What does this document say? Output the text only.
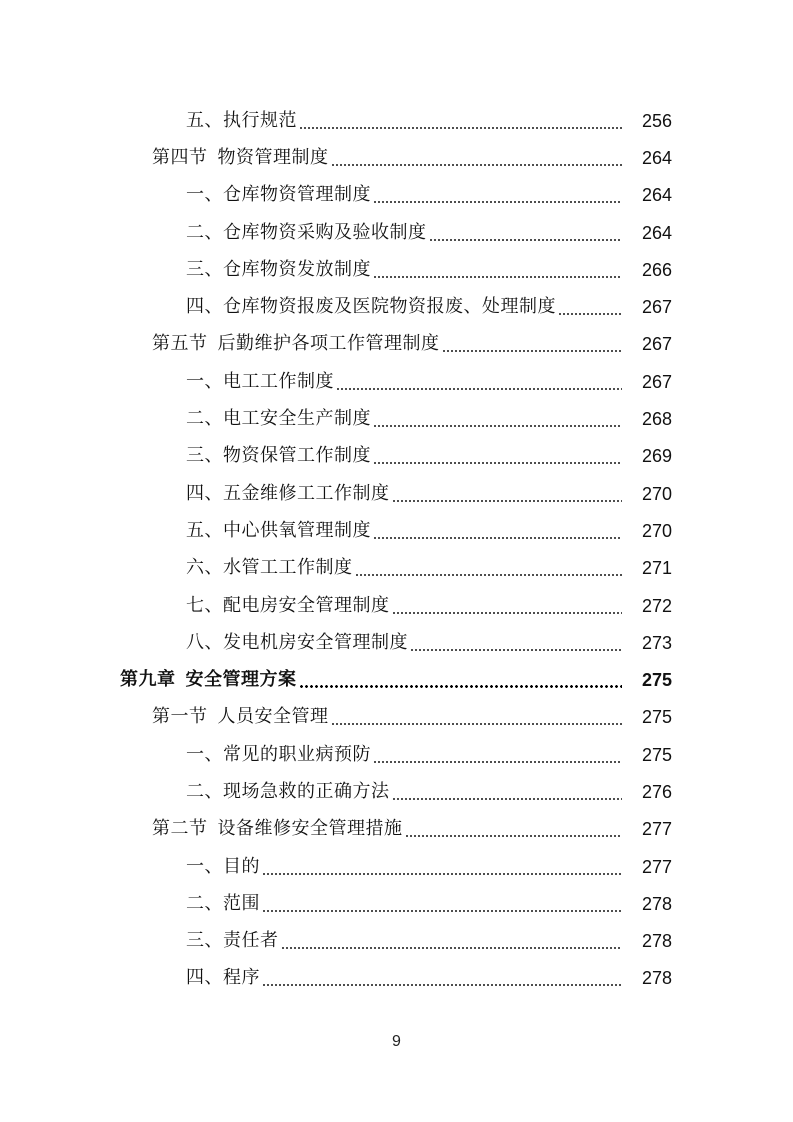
五、执行规范	256
第四节 物资管理制度	264
一、仓库物资管理制度	264
二、仓库物资采购及验收制度	264
三、仓库物资发放制度	266
四、仓库物资报废及医院物资报废、处理制度	267
第五节 后勤维护各项工作管理制度	267
一、电工工作制度	267
二、电工安全生产制度	268
三、物资保管工作制度	269
四、五金维修工工作制度	270
五、中心供氧管理制度	270
六、水管工工作制度	271
七、配电房安全管理制度	272
八、发电机房安全管理制度	273
第九章 安全管理方案	275
第一节 人员安全管理	275
一、常见的职业病预防	275
二、现场急救的正确方法	276
第二节 设备维修安全管理措施	277
一、目的	277
二、范围	278
三、责任者	278
四、程序	278
9
